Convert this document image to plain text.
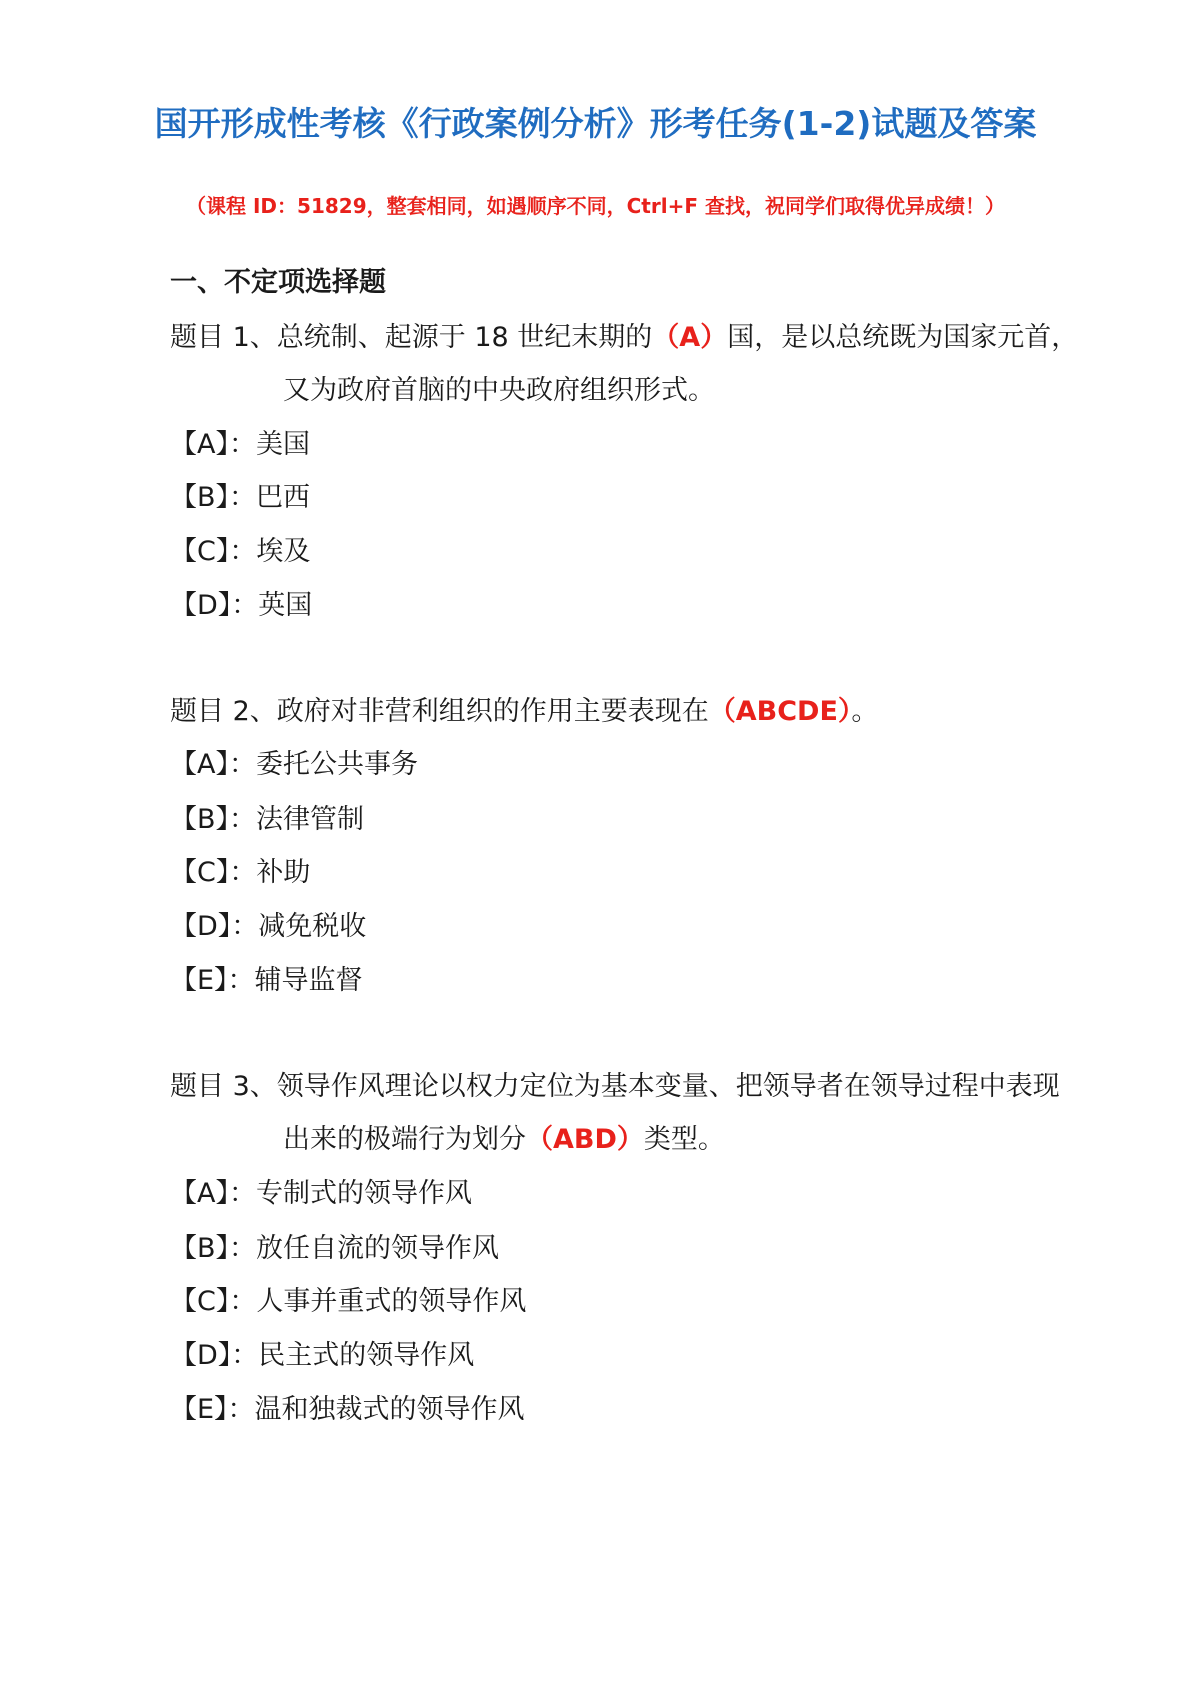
国开形成性考核《行政案例分析》形考任务(1-2)试题及答案
（课程 ID：51829，整套相同，如遇顺序不同，Ctrl+F 查找，祝同学们取得优异成绩！）
一、不定项选择题
题目 1、总统制、起源于 18 世纪末期的（A）国，是以总统既为国家元首，
又为政府首脑的中央政府组织形式。
【A】：美国
【B】：巴西
【C】：埃及
【D】：英国
题目 2、政府对非营利组织的作用主要表现在（ABCDE）。
【A】：委托公共事务
【B】：法律管制
【C】：补助
【D】：减免税收
【E】：辅导监督
题目 3、领导作风理论以权力定位为基本变量、把领导者在领导过程中表现
出来的极端行为划分（ABD）类型。
【A】：专制式的领导作风
【B】：放任自流的领导作风
【C】：人事并重式的领导作风
【D】：民主式的领导作风
【E】：温和独裁式的领导作风
